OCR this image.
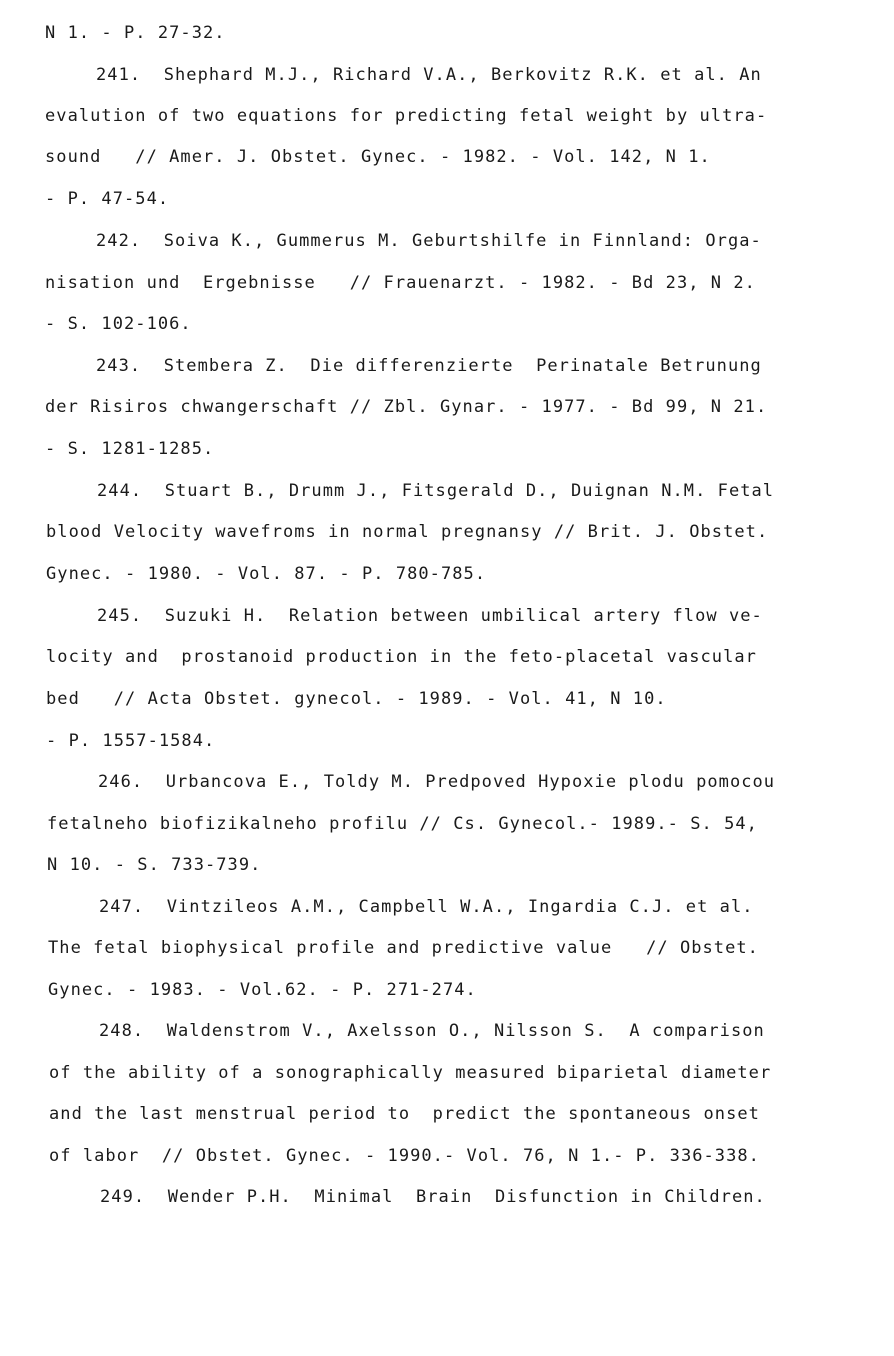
N 1. - P. 27-32.
241.  Shephard M.J., Richard V.A., Berkovitz R.K. et al. An
evalution of two equations for predicting fetal weight by ultra-
sound   // Amer. J. Obstet. Gynec. - 1982. - Vol. 142, N 1.
- P. 47-54.
242.  Soiva K., Gummerus M. Geburtshilfe in Finnland: Orga-
nisation und  Ergebnisse   // Frauenarzt. - 1982. - Bd 23, N 2.
- S. 102-106.
243.  Stembera Z.  Die differenzierte  Perinatale Betrunung
der Risiros chwangerschaft // Zbl. Gynar. - 1977. - Bd 99, N 21.
- S. 1281-1285.
244.  Stuart B., Drumm J., Fitsgerald D., Duignan N.M. Fetal
blood Velocity wavefroms in normal pregnansy // Brit. J. Obstet.
Gynec. - 1980. - Vol. 87. - P. 780-785.
245.  Suzuki H.  Relation between umbilical artery flow ve-
locity and  prostanoid production in the feto-placetal vascular
bed   // Acta Obstet. gynecol. - 1989. - Vol. 41, N 10.
- P. 1557-1584.
246.  Urbancova E., Toldy M. Predpoved Hypoxie plodu pomocou
fetalneho biofizikalneho profilu // Cs. Gynecol.- 1989.- S. 54,
N 10. - S. 733-739.
247.  Vintzileos A.M., Campbell W.A., Ingardia C.J. et al.
The fetal biophysical profile and predictive value   // Obstet.
Gynec. - 1983. - Vol.62. - P. 271-274.
248.  Waldenstrom V., Axelsson O., Nilsson S.  A comparison
of the ability of a sonographically measured biparietal diameter
and the last menstrual period to  predict the spontaneous onset
of labor  // Obstet. Gynec. - 1990.- Vol. 76, N 1.- P. 336-338.
249.  Wender P.H.  Minimal  Brain  Disfunction in Children.
